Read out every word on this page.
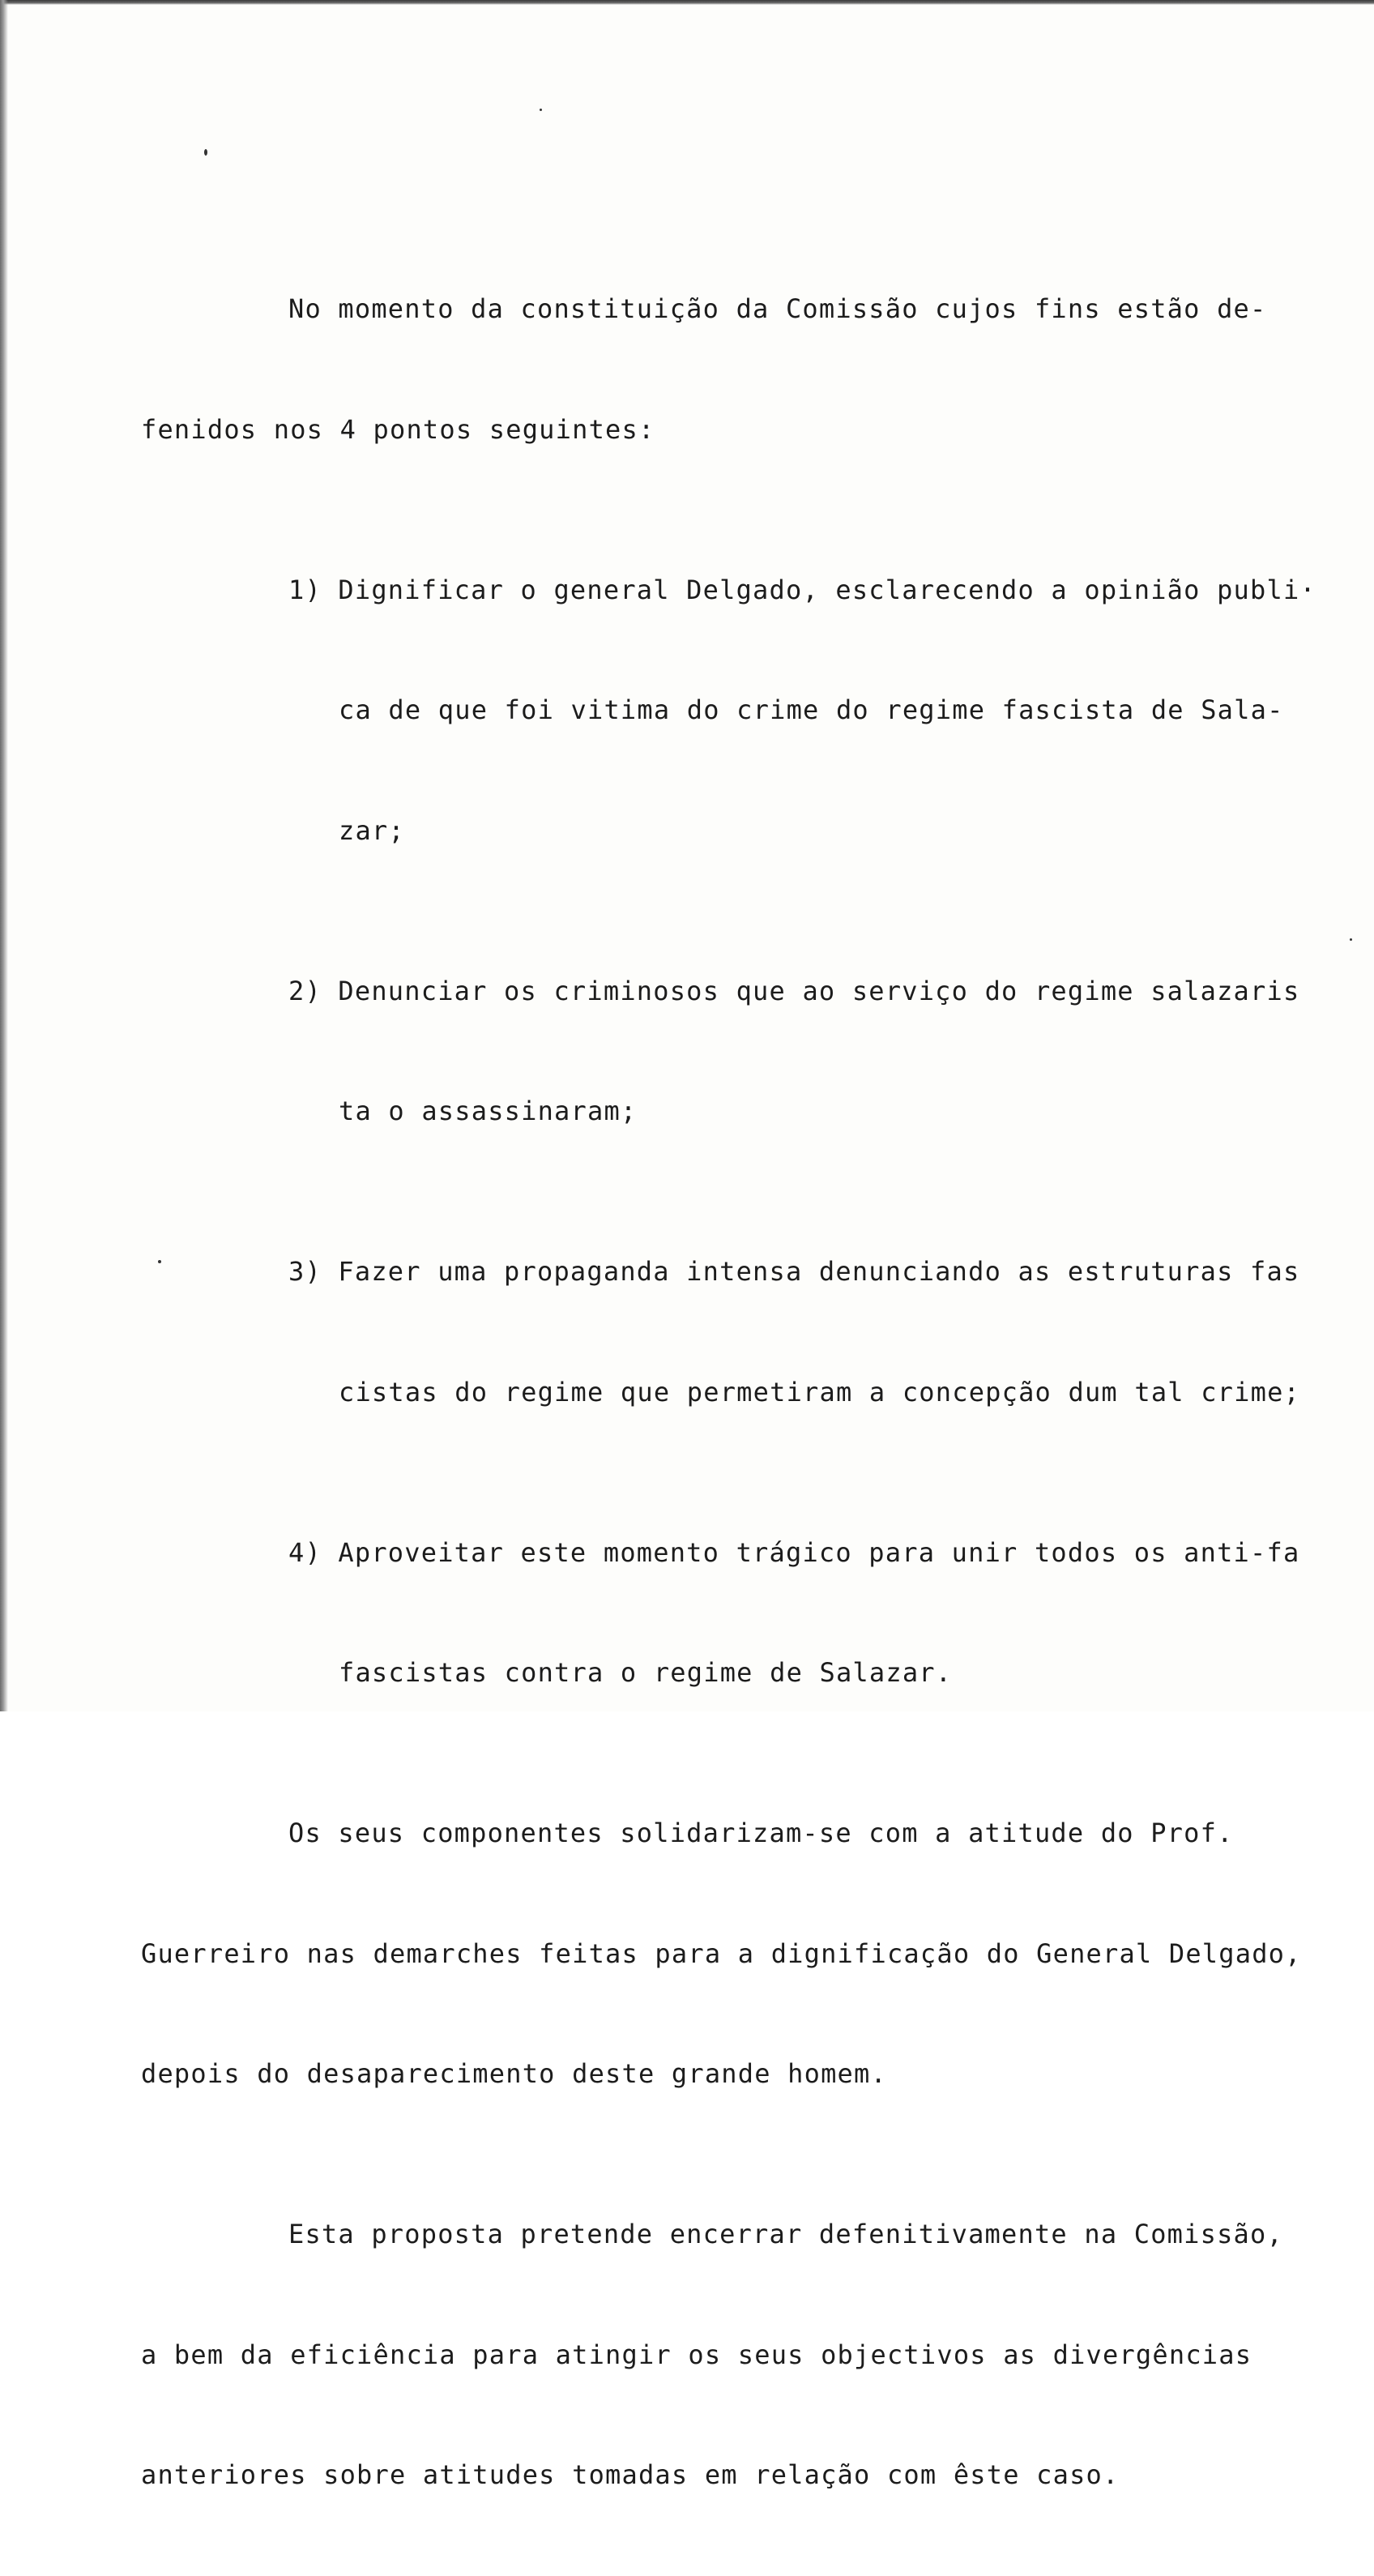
No momento da constituição da Comissão cujos fins estão de-

fenidos nos 4 pontos seguintes:

1) Dignificar o general Delgado, esclarecendo a opinião publi·

ca de que foi vitima do crime do regime fascista de Sala-

zar;

2) Denunciar os criminosos que ao serviço do regime salazaris

ta o assassinaram;

3) Fazer uma propaganda intensa denunciando as estruturas fas

cistas do regime que permetiram a concepção dum tal crime;

4) Aproveitar este momento trágico para unir todos os anti-fa

fascistas contra o regime de Salazar.

Os seus componentes solidarizam-se com a atitude do Prof.

Guerreiro nas demarches feitas para a dignificação do General Delgado,

depois do desaparecimento deste grande homem.

Esta proposta pretende encerrar defenitivamente na Comissão,

a bem da eficiência para atingir os seus objectivos as divergências

anteriores sobre atitudes tomadas em relação com êste caso.
